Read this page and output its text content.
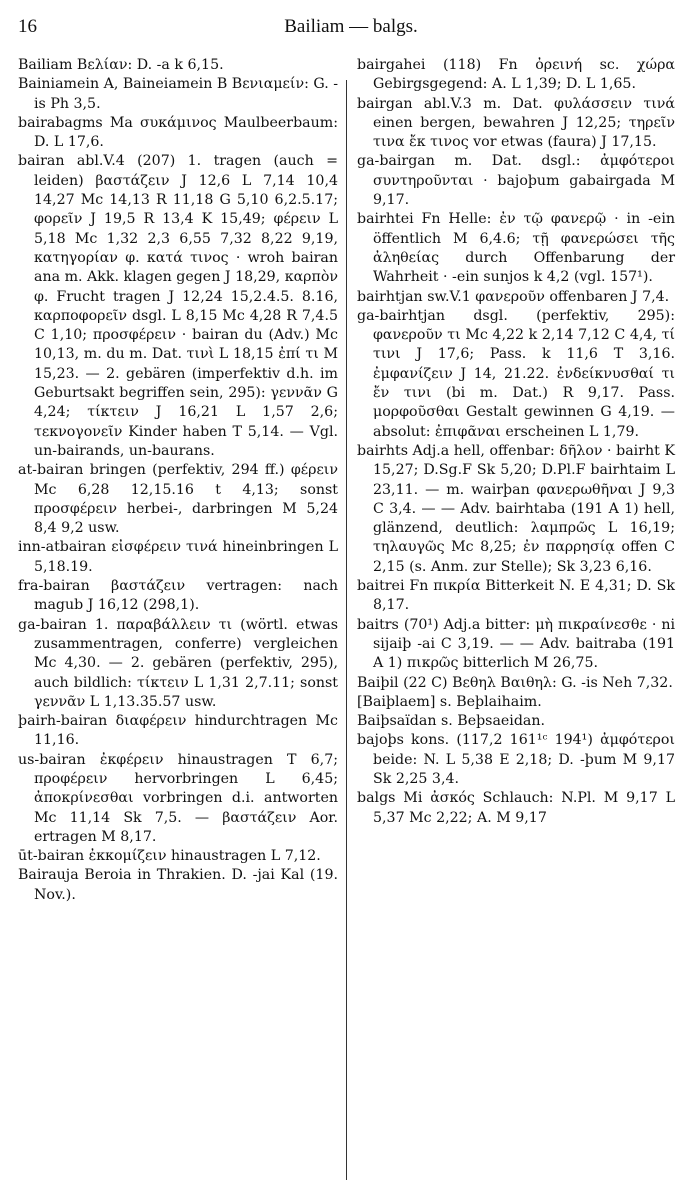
16	Bailiam — balgs.

Bailiam Βελίαν: D. -a k 6,15.

Bainiamein A, Baineiamein B Βενιαμείν: G. -is Ph 3,5.

bairabagms Ma συκάμινος Maulbeerbaum: D. L 17,6.

bairan abl.V.4 (207) 1. tragen (auch = leiden) βαστάζειν J 12,6 L 7,14 10,4 14,27 Mc 14,13 R 11,18 G 5,10 6,2.5.17; φορεῖν J 19,5 R 13,4 K 15,49; φέρειν L 5,18 Mc 1,32 2,3 6,55 7,32 8,22 9,19, κατηγορίαν φ. κατά τινος · wroh bairan ana m. Akk. klagen gegen J 18,29, καρπὸν φ. Frucht tragen J 12,24 15,2.4.5. 8.16, καρποφορεῖν dsgl. L 8,15 Mc 4,28 R 7,4.5 C 1,10; προσφέρειν · bairan du (Adv.) Mc 10,13, m. du m. Dat. τινὶ L 18,15 ἐπί τι M 15,23. — 2. gebären (imperfektiv d.h. im Geburtsakt begriffen sein, 295): γεννᾶν G 4,24; τίκτειν J 16,21 L 1,57 2,6; τεκνογονεῖν Kinder haben T 5,14. — Vgl. un-bairands, un-baurans.

at-bairan bringen (perfektiv, 294 ff.) φέρειν Mc 6,28 12,15.16 t 4,13; sonst προσφέρειν herbei-, darbringen M 5,24 8,4 9,2 usw.

inn-atbairan εἰσφέρειν τινά hineinbringen L 5,18.19.

fra-bairan βαστάζειν vertragen: nach magub J 16,12 (298,1).

ga-bairan 1. παραβάλλειν τι (wörtl. etwas zusammentragen, conferre) vergleichen Mc 4,30. — 2. gebären (perfektiv, 295), auch bildlich: τίκτειν L 1,31 2,7.11; sonst γεννᾶν L 1,13.35.57 usw.

þairh-bairan διαφέρειν hindurchtragen Mc 11,16.

us-bairan ἐκφέρειν hinaustragen T 6,7; προφέρειν hervorbringen L 6,45; ἀποκρίνεσθαι vorbringen d.i. antworten Mc 11,14 Sk 7,5. — βαστάζειν Aor. ertragen M 8,17.

ūt-bairan ἐκκομίζειν hinaustragen L 7,12.

Bairauja Beroia in Thrakien. D. -jai Kal (19. Nov.).

bairgahei (118) Fn ὀρεινή sc. χώρα Gebirgsgegend: A. L 1,39; D. L 1,65.

bairgan abl.V.3 m. Dat. φυλάσσειν τινά einen bergen, bewahren J 12,25; τηρεῖν τινα ἔκ τινος vor etwas (faura) J 17,15.

ga-bairgan m. Dat. dsgl.: ἀμφότεροι συντηροῦνται · bajoþum gabairgada M 9,17.

bairhtei Fn Helle: ἐν τῷ φανερῷ · in -ein öffentlich M 6,4.6; τῇ φανερώσει τῆς ἀληθείας durch Offenbarung der Wahrheit · -ein sunjos k 4,2 (vgl. 157¹).

bairhtjan sw.V.1 φανεροῦν offenbaren J 7,4.

ga-bairhtjan dsgl. (perfektiv, 295): φανεροῦν τι Mc 4,22 k 2,14 7,12 C 4,4, τί τινι J 17,6; Pass. k 11,6 T 3,16. ἐμφανίζειν J 14, 21.22. ἐνδείκνυσθαί τι ἔν τινι (bi m. Dat.) R 9,17. Pass. μορφοῦσθαι Gestalt gewinnen G 4,19. — absolut: ἐπιφᾶναι erscheinen L 1,79.

bairhts Adj.a hell, offenbar: δῆλον · bairht K 15,27; D.Sg.F Sk 5,20; D.Pl.F bairhtaim L 23,11. — m. wairþan φανερωθῆναι J 9,3 C 3,4. — — Adv. bairhtaba (191 A 1) hell, glänzend, deutlich: λαμπρῶς L 16,19; τηλαυγῶς Mc 8,25; ἐν παρρησίᾳ offen C 2,15 (s. Anm. zur Stelle); Sk 3,23 6,16.

baitrei Fn πικρία Bitterkeit N. E 4,31; D. Sk 8,17.

baitrs (70¹) Adj.a bitter: μὴ πικραίνεσθε · ni sijaiþ -ai C 3,19. — — Adv. baitraba (191 A 1) πικρῶς bitterlich M 26,75.

Baiþil (22 C) Βεθηλ Βαιθηλ: G. -is Neh 7,32.

[Baiþlaem] s. Beþlaihaim.

Baiþsaïdan s. Beþsaeidan.

bajoþs kons. (117,2 161¹ᶜ 194¹) ἀμφότεροι beide: N. L 5,38 E 2,18; D. -þum M 9,17 Sk 2,25 3,4.

balgs Mi ἀσκός Schlauch: N.Pl. M 9,17 L 5,37 Mc 2,22; A. M 9,17
